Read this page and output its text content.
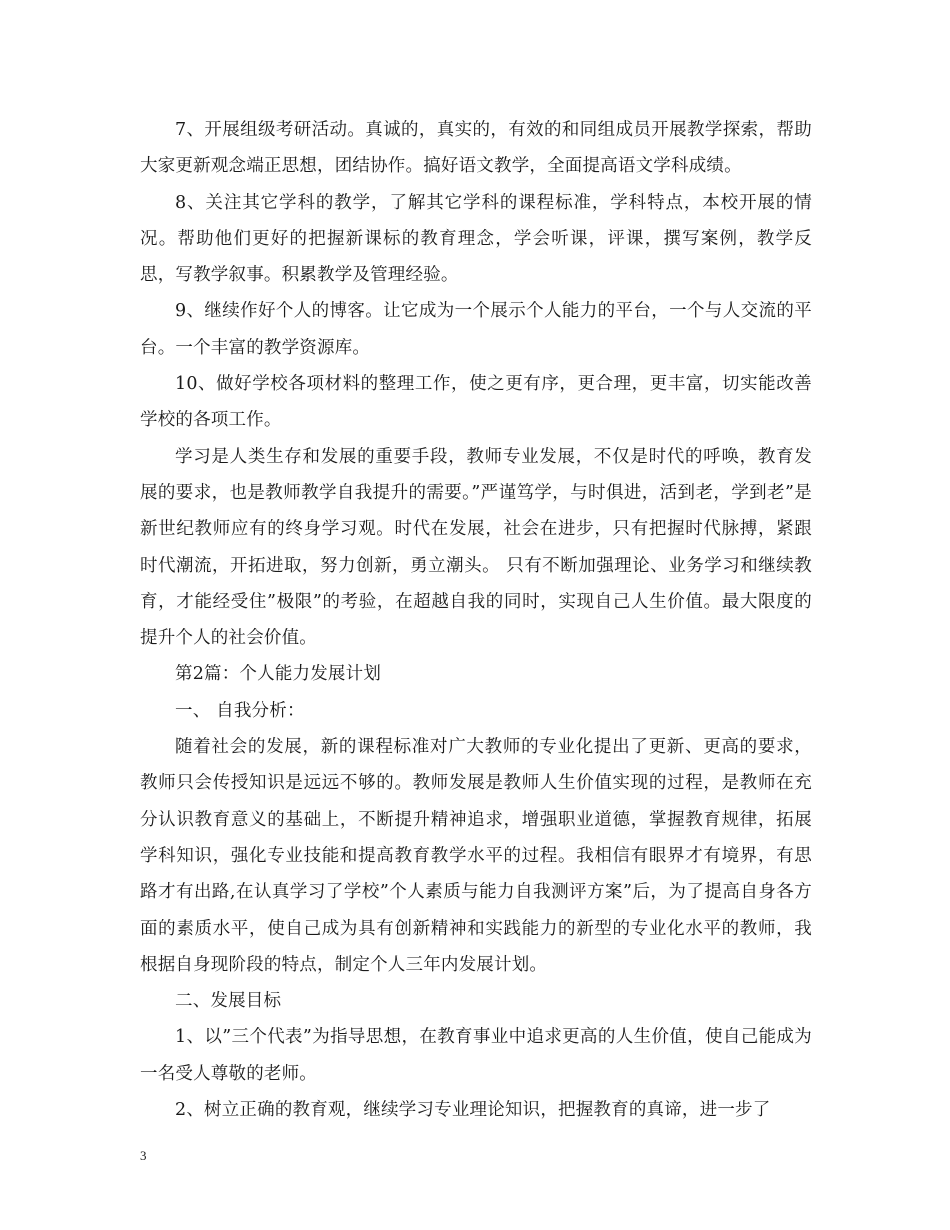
7、开展组级考研活动。真诚的，真实的，有效的和同组成员开展教学探索，帮助大家更新观念端正思想，团结协作。搞好语文教学，全面提高语文学科成绩。

8、关注其它学科的教学，了解其它学科的课程标准，学科特点，本校开展的情况。帮助他们更好的把握新课标的教育理念，学会听课，评课，撰写案例，教学反思，写教学叙事。积累教学及管理经验。

9、继续作好个人的博客。让它成为一个展示个人能力的平台，一个与人交流的平台。一个丰富的教学资源库。

10、做好学校各项材料的整理工作，使之更有序，更合理，更丰富，切实能改善学校的各项工作。

学习是人类生存和发展的重要手段，教师专业发展，不仅是时代的呼唤，教育发展的要求，也是教师教学自我提升的需要。”严谨笃学，与时俱进，活到老，学到老”是新世纪教师应有的终身学习观。时代在发展，社会在进步，只有把握时代脉搏，紧跟时代潮流，开拓进取，努力创新，勇立潮头。 只有不断加强理论、业务学习和继续教育，才能经受住”极限”的考验，在超越自我的同时，实现自己人生价值。最大限度的提升个人的社会价值。

第2篇：个人能力发展计划

一、 自我分析：

随着社会的发展，新的课程标准对广大教师的专业化提出了更新、更高的要求，教师只会传授知识是远远不够的。教师发展是教师人生价值实现的过程，是教师在充分认识教育意义的基础上，不断提升精神追求，增强职业道德，掌握教育规律，拓展学科知识，强化专业技能和提高教育教学水平的过程。我相信有眼界才有境界，有思路才有出路,在认真学习了学校”个人素质与能力自我测评方案”后，为了提高自身各方面的素质水平，使自己成为具有创新精神和实践能力的新型的专业化水平的教师，我根据自身现阶段的特点，制定个人三年内发展计划。

二、发展目标

1、以”三个代表”为指导思想，在教育事业中追求更高的人生价值，使自己能成为一名受人尊敬的老师。

2、树立正确的教育观，继续学习专业理论知识，把握教育的真谛，进一步了

3
